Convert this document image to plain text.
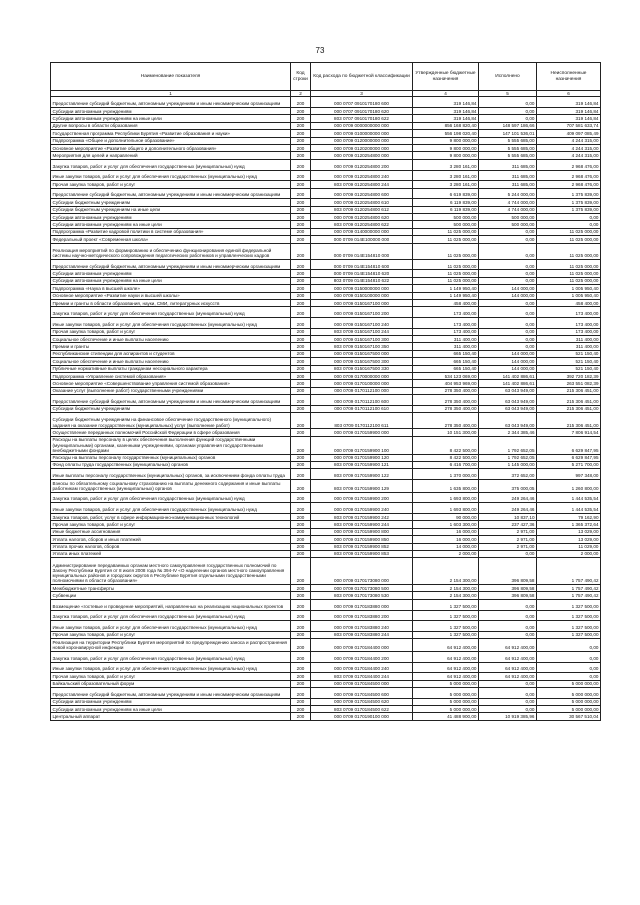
73
Наименование показателя	Код строки	Код расхода по бюджетной классификации	Утвержденные бюджетные назначения	Исполнено	Неисполненные назначения
1	2	3	4	5	6
Предоставление субсидий бюджетным, автономным учреждениям и иным некоммерческим организациям	200	000 0707 0910170180 600	319 146,84	0,00	319 146,84
Субсидии автономным учреждениям	200	000 0707 0910170180 620	319 146,84	0,00	319 146,84
Субсидии автономным учреждениям на иные цели	200	803 0707 0910170180 622	319 146,84	0,00	319 146,84
Другие вопросы в области образования	200	000 0709 0000000000 000	856 168 820,40	148 597 186,66	707 581 633,74
Государственная программа Республики Бурятия «Развитие образования и науки»	200	000 0709 0100000000 000	556 198 020,40	147 101 536,01	409 097 085,49
Подпрограмма «Общее и дополнительное образование»	200	000 0709 0120000000 000	9 800 000,00	5 555 685,00	4 244 315,00
Основное мероприятие «Развитие общего и дополнительного образования»	200	000 0709 0120200000 000	9 800 000,00	5 555 685,00	4 244 315,00
Мероприятия для целей и направлений	200	000 0709 0120254800 000	9 800 000,00	5 555 685,00	4 244 315,00
Закупка товаров, работ и услуг для обеспечения государственных (муниципальных) нужд	200	000 0709 0120254800 200	3 280 161,00	311 685,00	2 968 476,00
Иные закупки товаров, работ и услуг для обеспечения государственных (муниципальных) нужд	200	000 0709 0120254800 240	3 280 161,00	311 685,00	2 968 476,00
Прочая закупка товаров, работ и услуг	200	803 0709 0120254800 244	3 280 161,00	311 685,00	2 968 476,00
Предоставление субсидий бюджетным, автономным учреждениям и иным некоммерческим организациям	200	000 0709 0120254800 600	6 619 839,00	5 244 000,00	1 375 839,00
Субсидии бюджетным учреждениям	200	000 0709 0120254800 610	6 119 839,00	4 744 000,00	1 375 839,00
Субсидии бюджетным учреждениям на иные цели	200	803 0709 0120254800 612	6 119 839,00	4 744 000,00	1 375 839,00
Субсидии автономным учреждениям	200	000 0709 0120254800 620	500 000,00	500 000,00	0,00
Субсидии автономным учреждениям на иные цели	200	803 0709 0120254800 622	500 000,00	500 000,00	0,00
Подпрограмма «Развитие кадровой политики в системе образования»	200	000 0709 0140000000 000	11 025 000,00	0,00	11 025 000,00
Федеральный проект «Современная школа»	200	000 0709 014E100000 000	11 025 000,00	0,00	11 025 000,00
Реализация мероприятий по формированию и обеспечению функционирования единой федеральной системы научно-методического сопровождения педагогических работников и управленческих кадров	200	000 0709 014E154810 000	11 025 000,00	0,00	11 025 000,00
Предоставление субсидий бюджетным, автономным учреждениям и иным некоммерческим организациям	200	000 0709 014E154810 600	11 025 000,00	0,00	11 025 000,00
Субсидии автономным учреждениям	200	000 0709 014E154810 620	11 025 000,00	0,00	11 025 000,00
Субсидии автономным учреждениям на иные цели	200	803 0709 014E154810 622	11 025 000,00	0,00	11 025 000,00
Подпрограмма «Наука в высшей школе»	200	000 0709 0150000000 000	1 149 950,40	144 000,00	1 005 950,40
Основное мероприятие «Развитие науки и высшей школы»	200	000 0709 0150100000 000	1 149 950,40	144 000,00	1 005 950,40
Премии и гранты в области образования, науки, СМИ, литературных искусств	200	000 0709 0150167100 000	458 400,00	0,00	458 400,00
Закупка товаров, работ и услуг для обеспечения государственных (муниципальных) нужд	200	000 0709 0150167100 200	173 400,00	0,00	173 400,00
Иные закупки товаров, работ и услуг для обеспечения государственных (муниципальных) нужд	200	000 0709 0150167100 240	173 400,00	0,00	173 400,00
Прочая закупка товаров, работ и услуг	200	803 0709 0150167100 244	173 400,00	0,00	173 400,00
Социальное обеспечение и иные выплаты населению	200	000 0709 0150167100 300	311 400,00	0,00	311 400,00
Премии и гранты	200	803 0709 0150167100 350	311 400,00	0,00	311 400,00
Республиканские стипендии для аспирантов и студентов	200	000 0709 0150167500 000	665 150,40	144 000,00	521 150,40
Социальное обеспечение и иные выплаты населению	200	000 0709 0150167500 300	665 150,40	144 000,00	521 150,40
Публичные нормативные выплаты гражданам несоциального характера	200	803 0709 0150167500 330	665 150,40	144 000,00	521 150,40
Подпрограмма «Управление системой образования»	200	000 0709 0170000000 000	534 123 069,00	141 402 886,61	392 720 182,39
Основное мероприятие «Совершенствование управления системой образования»	200	000 0709 0170100000 000	404 953 969,00	141 402 886,61	263 551 082,39
Оказание услуг (выполнение работ) государственными учреждениями	200	000 0709 0170112100 000	278 350 400,00	63 043 949,00	215 306 451,00
Предоставление субсидий бюджетным, автономным учреждениям и иным некоммерческим организациям	200	000 0709 0170112100 600	278 350 400,00	63 043 949,00	215 306 451,00
Субсидии бюджетным учреждениям	200	000 0709 0170112100 610	278 350 400,00	63 043 949,00	215 306 451,00
Субсидии бюджетным учреждениям на финансовое обеспечение государственного (муниципального) задания на оказание государственных (муниципальных) услуг (выполнение работ)	200	803 0709 0170112100 611	278 350 400,00	63 043 949,00	215 306 451,00
Осуществление переданных полномочий Российской Федерации в сфере образования	200	000 0709 0170159900 000	10 151 300,00	2 344 385,46	7 806 914,54
Расходы на выплаты персоналу в целях обеспечения выполнения функций государственными (муниципальными) органами, казенными учреждениями, органами управления государственными внебюджетными фондами	200	000 0709 0170159900 100	8 422 500,00	1 792 652,05	6 629 847,95
Расходы на выплаты персоналу государственных (муниципальных) органов	200	000 0709 0170159900 120	8 422 500,00	1 792 652,05	6 629 847,95
Фонд оплаты труда государственных (муниципальных) органов	200	803 0709 0170159900 121	6 416 700,00	1 145 000,00	5 271 700,00
Иные выплаты персоналу государственных (муниципальных) органов, за исключением фонда оплаты труда	200	803 0709 0170159900 122	1 370 000,00	372 652,00	997 348,00
Взносы по обязательному социальному страхованию на выплаты денежного содержания и иные выплаты работникам государственных (муниципальных) органов	200	803 0709 0170159900 129	1 635 800,00	375 000,05	1 260 800,00
Закупка товаров, работ и услуг для обеспечения государственных (муниципальных) нужд	200	000 0709 0170159900 200	1 693 800,00	249 264,46	1 444 535,54
Иные закупки товаров, работ и услуг для обеспечения государственных (муниципальных) нужд	200	000 0709 0170159900 240	1 693 800,00	249 264,46	1 444 535,54
Закупка товаров, работ, услуг в сфере информационно-коммуникационных технологий	200	803 0709 0170159900 242	90 000,00	10 837,10	79 162,90
Прочая закупка товаров, работ и услуг	200	803 0709 0170159900 244	1 603 300,00	237 427,36	1 365 372,64
Иные бюджетные ассигнования	200	000 0709 0170159900 800	16 000,00	2 971,00	13 029,00
Уплата налогов, сборов и иных платежей	200	000 0709 0170159900 850	16 000,00	2 971,00	13 029,00
Уплата прочих налогов, сборов	200	803 0709 0170159900 852	14 000,00	2 971,00	11 029,00
Уплата иных платежей	200	803 0709 0170159900 853	2 000,00	0,00	2 000,00
Администрирование передаваемых органам местного самоуправления государственных полномочий по Закону Республики Бурятия от 8 июля 2008 года № 394-IV «О наделении органов местного самоуправления муниципальных районов и городских округов в Республике Бурятия отдельными государственными полномочиями в области образования»	200	000 0709 0170173080 000	2 154 300,00	396 809,58	1 757 490,42
Межбюджетные трансферты	200	000 0709 0170173080 500	2 154 300,00	396 809,58	1 757 490,42
Субвенции	200	803 0709 0170173080 530	2 154 300,00	396 809,58	1 757 490,42
Возмещение «гостевые и проведение мероприятий, направленных на реализацию национальных проектов	200	000 0709 0170183880 000	1 327 500,00	0,00	1 327 500,00
Закупка товаров, работ и услуг для обеспечения государственных (муниципальных) нужд	200	000 0709 0170183880 200	1 327 500,00	0,00	1 327 500,00
Иные закупки товаров, работ и услуг для обеспечения государственных (муниципальных) нужд	200	000 0709 0170183880 240	1 327 500,00	0,00	1 327 500,00
Прочая закупка товаров, работ и услуг	200	803 0709 0170183880 244	1 327 500,00	0,00	1 327 500,00
Реализация на территории Республики Бурятия мероприятий по предупреждению заноса и распространения новой коронавирусной инфекции	200	000 0709 0170184400 000	64 912 400,00	64 912 400,00	0,00
Закупка товаров, работ и услуг для обеспечения государственных (муниципальных) нужд	200	000 0709 0170184400 200	64 912 400,00	64 912 400,00	0,00
Иные закупки товаров, работ и услуг для обеспечения государственных (муниципальных) нужд	200	000 0709 0170184400 240	64 912 400,00	64 912 400,00	0,00
Прочая закупка товаров, работ и услуг	200	803 0709 0170184400 244	64 912 400,00	64 912 400,00	0,00
Байкальский образовательный форум	200	000 0709 0170184500 000	5 000 000,00	0,00	5 000 000,00
Предоставление субсидий бюджетным, автономным учреждениям и иным некоммерческим организациям	200	000 0709 0170184500 600	5 000 000,00	0,00	5 000 000,00
Субсидии автономным учреждениям	200	000 0709 0170184500 620	5 000 000,00	0,00	5 000 000,00
Субсидии автономным учреждениям на иные цели	200	803 0709 0170184500 622	5 000 000,00	0,00	5 000 000,00
Центральный аппарат	200	000 0709 0170190100 000	41 488 900,00	10 919 385,96	30 567 510,04
